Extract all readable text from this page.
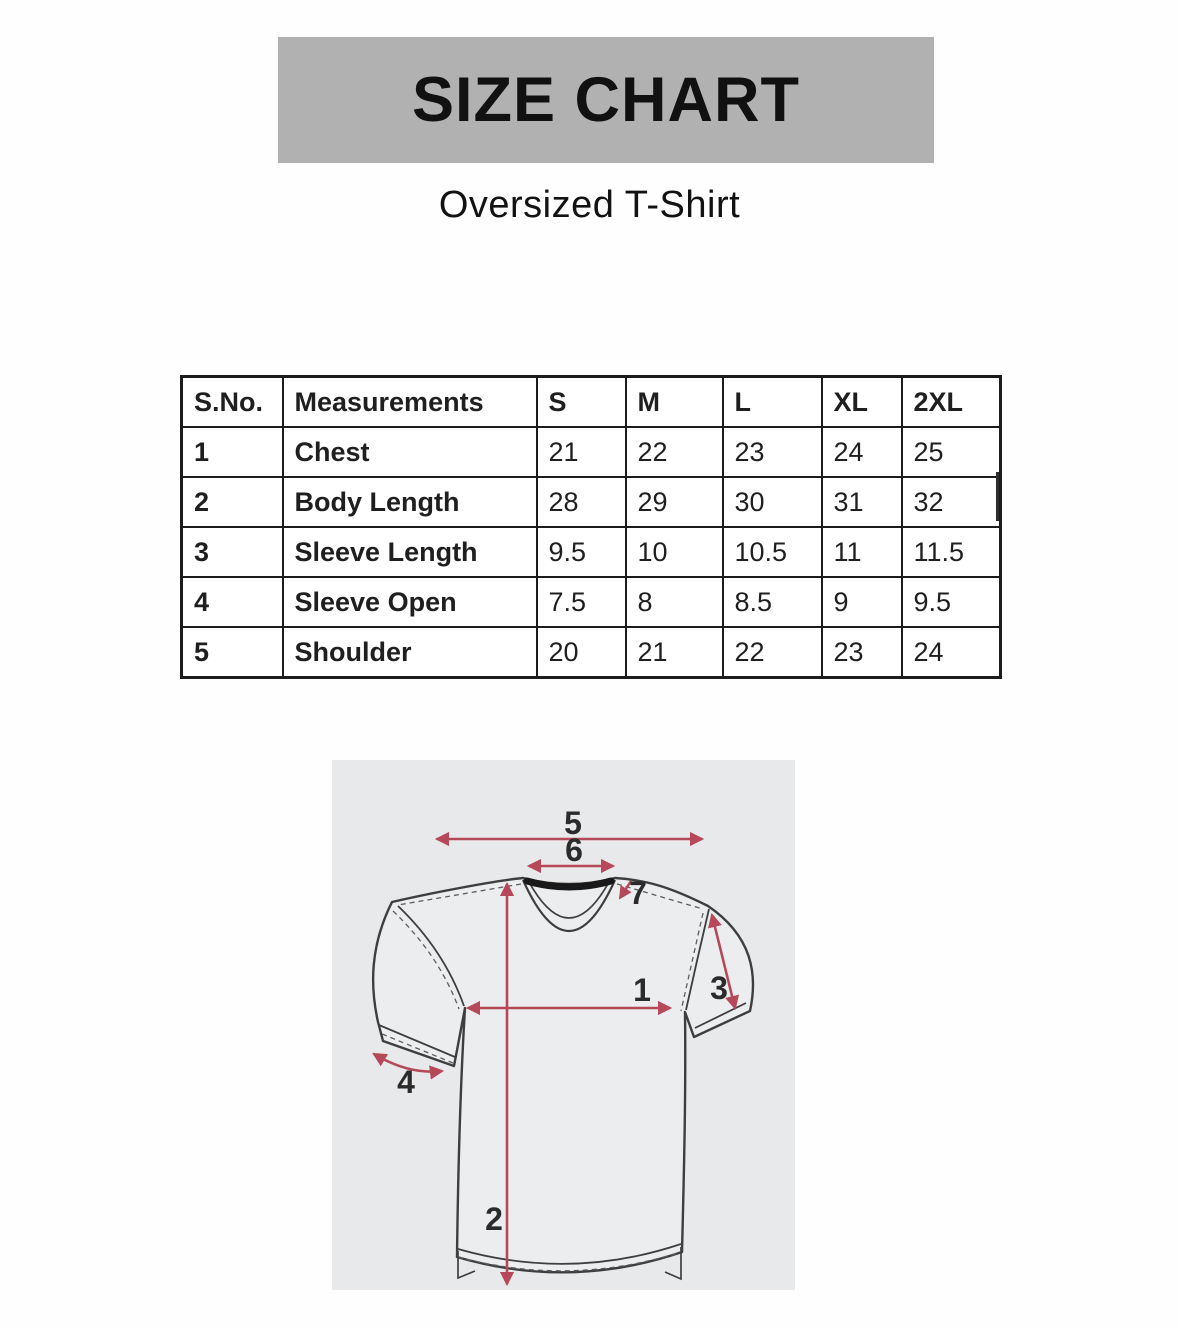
SIZE CHART
Oversized T-Shirt
S.No.	Measurements	S	M	L	XL	2XL
1	Chest	21	22	23	24	25
2	Body Length	28	29	30	31	32
3	Sleeve Length	9.5	10	10.5	11	11.5
4	Sleeve Open	7.5	8	8.5	9	9.5
5	Shoulder	20	21	22	23	24
5
6
7
1 3
4
2
